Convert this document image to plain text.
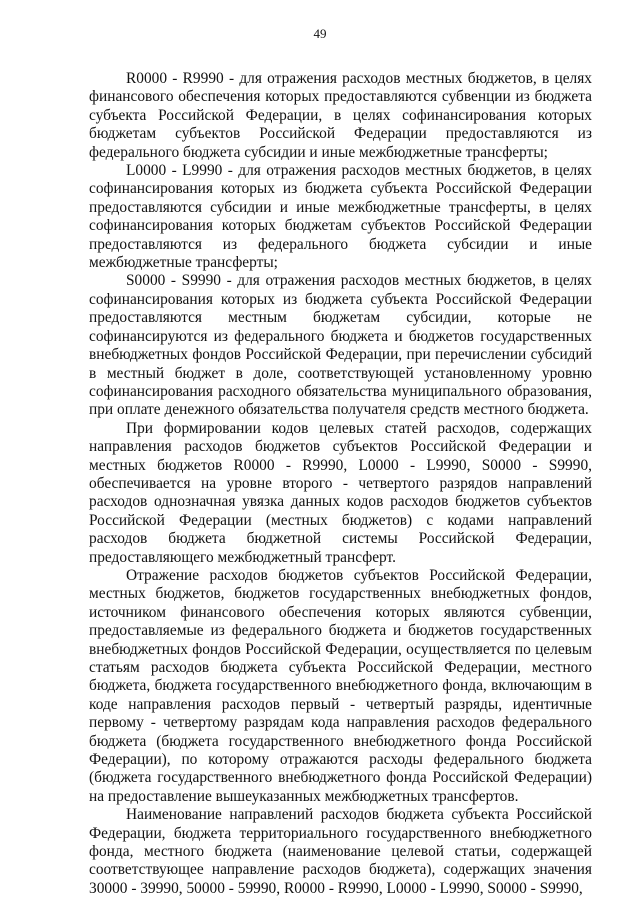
49

R0000 - R9990 - для отражения расходов местных бюджетов, в целях финансового обеспечения которых предоставляются субвенции из бюджета субъекта Российской Федерации, в целях софинансирования которых бюджетам субъектов Российской Федерации предоставляются из федерального бюджета субсидии и иные межбюджетные трансферты;

L0000 - L9990 - для отражения расходов местных бюджетов, в целях софинансирования которых из бюджета субъекта Российской Федерации предоставляются субсидии и иные межбюджетные трансферты, в целях софинансирования которых бюджетам субъектов Российской Федерации предоставляются из федерального бюджета субсидии и иные межбюджетные трансферты;

S0000 - S9990 - для отражения расходов местных бюджетов, в целях софинансирования которых из бюджета субъекта Российской Федерации предоставляются местным бюджетам субсидии, которые не софинансируются из федерального бюджета и бюджетов государственных внебюджетных фондов Российской Федерации, при перечислении субсидий в местный бюджет в доле, соответствующей установленному уровню софинансирования расходного обязательства муниципального образования, при оплате денежного обязательства получателя средств местного бюджета.

При формировании кодов целевых статей расходов, содержащих направления расходов бюджетов субъектов Российской Федерации и местных бюджетов R0000 - R9990, L0000 - L9990, S0000 - S9990, обеспечивается на уровне второго - четвертого разрядов направлений расходов однозначная увязка данных кодов расходов бюджетов субъектов Российской Федерации (местных бюджетов) с кодами направлений расходов бюджета бюджетной системы Российской Федерации, предоставляющего межбюджетный трансферт.

Отражение расходов бюджетов субъектов Российской Федерации, местных бюджетов, бюджетов государственных внебюджетных фондов, источником финансового обеспечения которых являются субвенции, предоставляемые из федерального бюджета и бюджетов государственных внебюджетных фондов Российской Федерации, осуществляется по целевым статьям расходов бюджета субъекта Российской Федерации, местного бюджета, бюджета государственного внебюджетного фонда, включающим в коде направления расходов первый - четвертый разряды, идентичные первому - четвертому разрядам кода направления расходов федерального бюджета (бюджета государственного внебюджетного фонда Российской Федерации), по которому отражаются расходы федерального бюджета (бюджета государственного внебюджетного фонда Российской Федерации) на предоставление вышеуказанных межбюджетных трансфертов.

Наименование направлений расходов бюджета субъекта Российской Федерации, бюджета территориального государственного внебюджетного фонда, местного бюджета (наименование целевой статьи, содержащей соответствующее направление расходов бюджета), содержащих значения 30000 - 39990, 50000 - 59990, R0000 - R9990, L0000 - L9990, S0000 - S9990,
